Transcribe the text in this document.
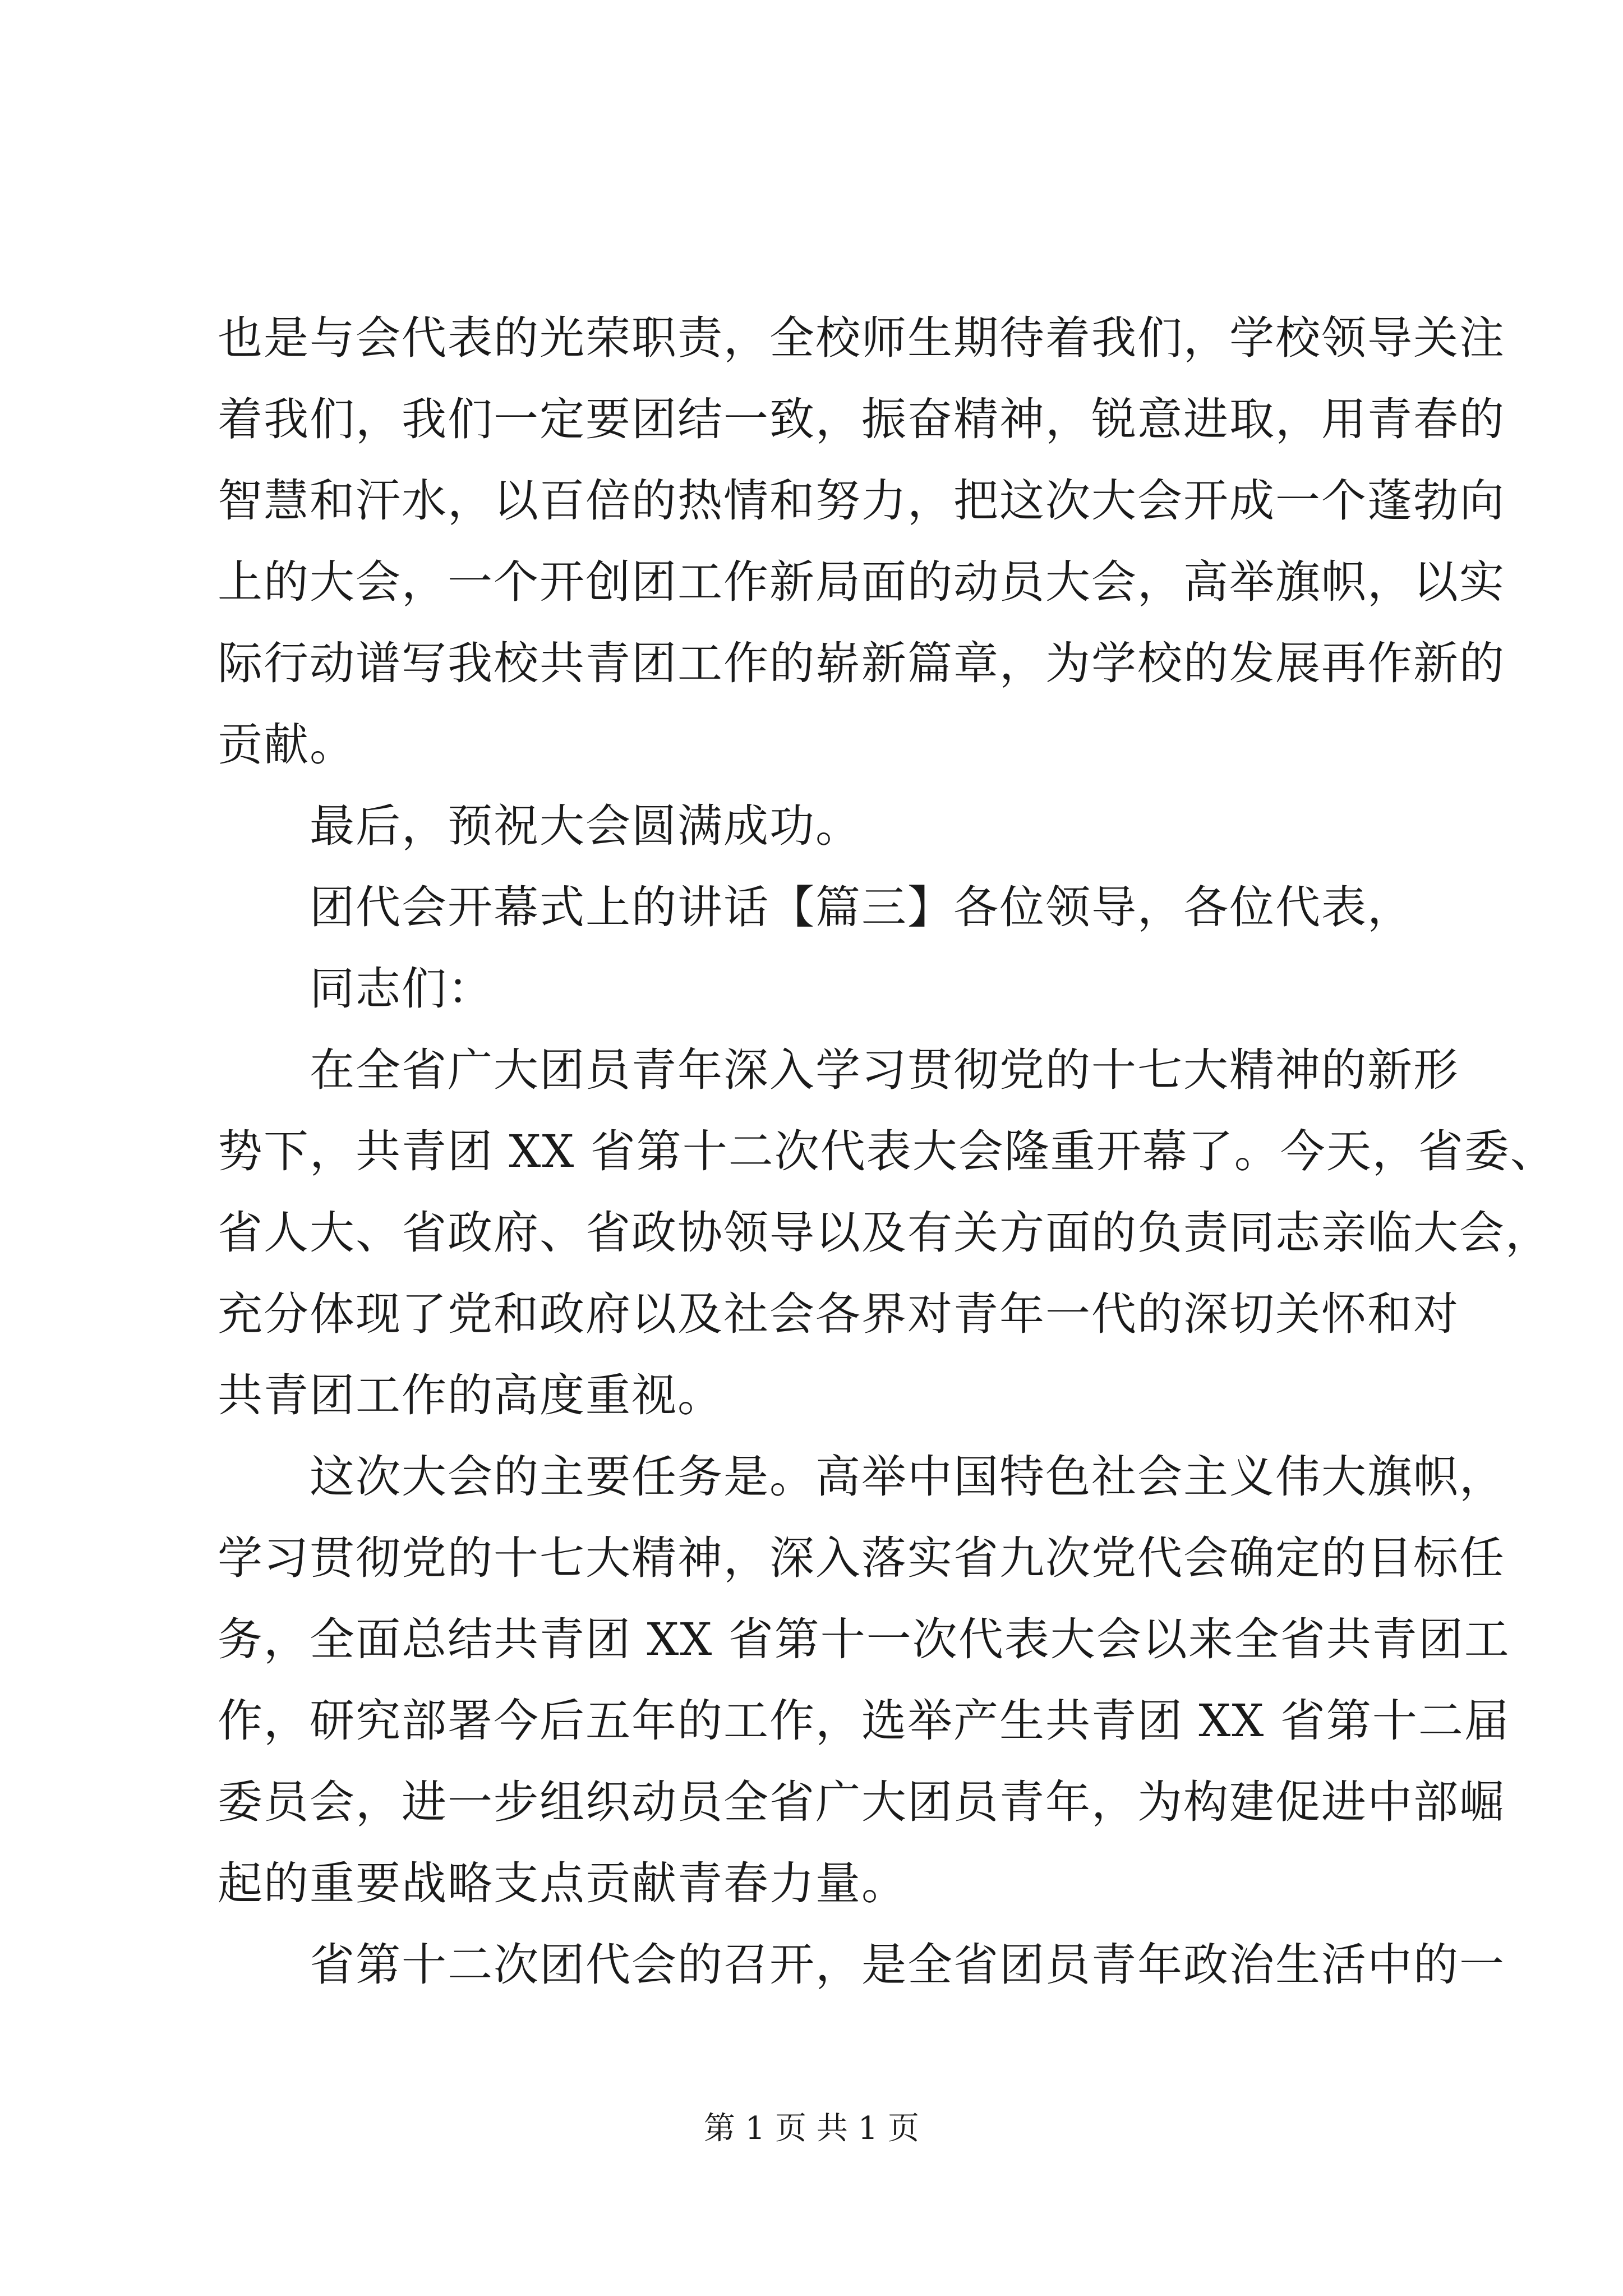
也是与会代表的光荣职责，全校师生期待着我们，学校领导关注
着我们，我们一定要团结一致，振奋精神，锐意进取，用青春的
智慧和汗水，以百倍的热情和努力，把这次大会开成一个蓬勃向
上的大会，一个开创团工作新局面的动员大会，高举旗帜，以实
际行动谱写我校共青团工作的崭新篇章，为学校的发展再作新的
贡献。
最后，预祝大会圆满成功。
团代会开幕式上的讲话【篇三】各位领导，各位代表，
同志们：
在全省广大团员青年深入学习贯彻党的十七大精神的新形
势下，共青团 XX 省第十二次代表大会隆重开幕了。今天，省委、
省人大、省政府、省政协领导以及有关方面的负责同志亲临大会，
充分体现了党和政府以及社会各界对青年一代的深切关怀和对
共青团工作的高度重视。
这次大会的主要任务是。高举中国特色社会主义伟大旗帜，
学习贯彻党的十七大精神，深入落实省九次党代会确定的目标任
务，全面总结共青团 XX 省第十一次代表大会以来全省共青团工
作，研究部署今后五年的工作，选举产生共青团 XX 省第十二届
委员会，进一步组织动员全省广大团员青年，为构建促进中部崛
起的重要战略支点贡献青春力量。
省第十二次团代会的召开，是全省团员青年政治生活中的一
第 1 页 共 1 页
